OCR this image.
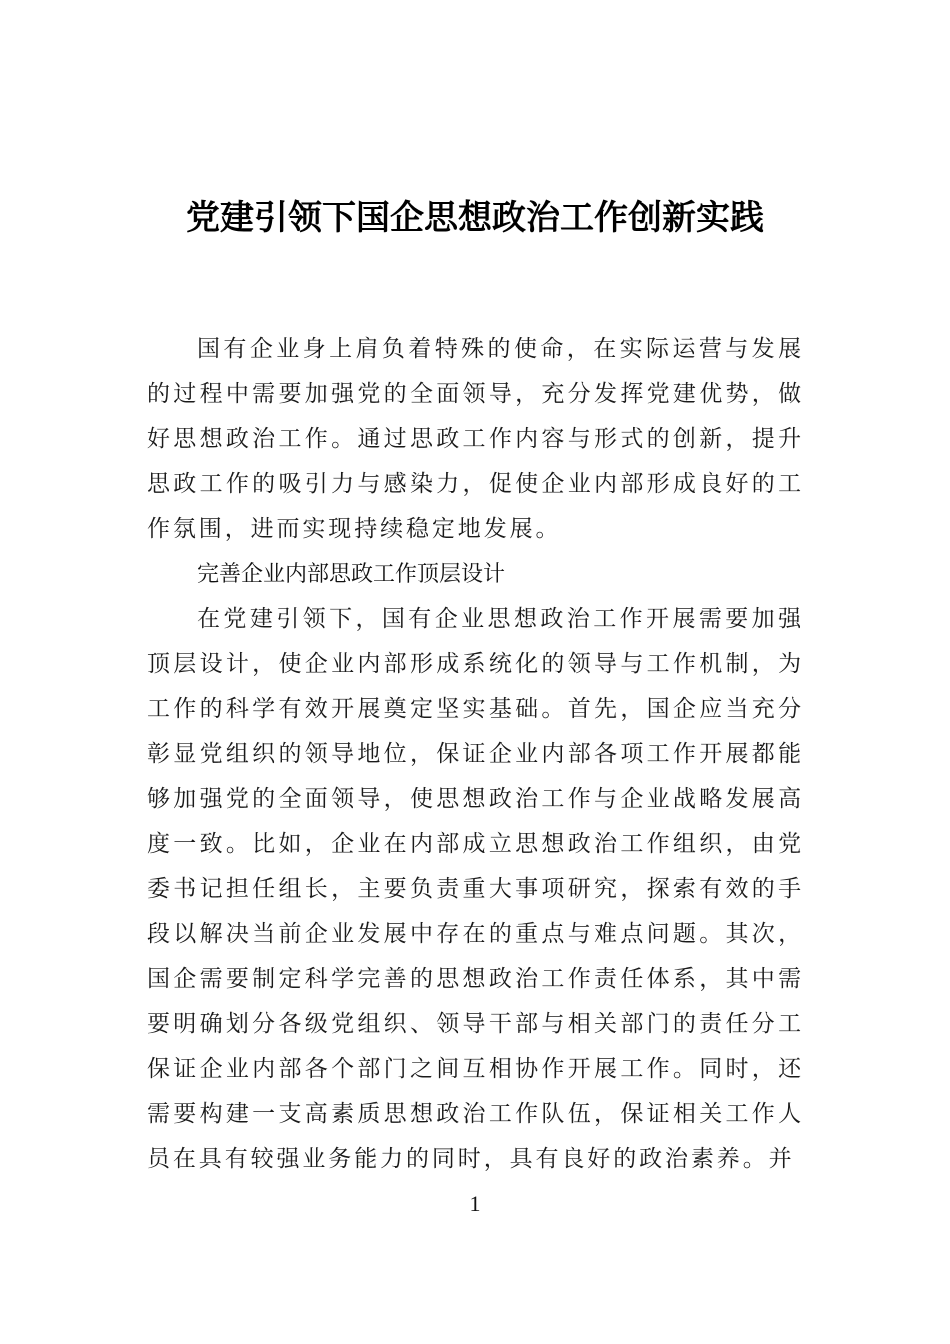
党建引领下国企思想政治工作创新实践

国有企业身上肩负着特殊的使命，在实际运营与发展的过程中需要加强党的全面领导，充分发挥党建优势，做好思想政治工作。通过思政工作内容与形式的创新，提升思政工作的吸引力与感染力，促使企业内部形成良好的工作氛围，进而实现持续稳定地发展。

完善企业内部思政工作顶层设计

在党建引领下，国有企业思想政治工作开展需要加强顶层设计，使企业内部形成系统化的领导与工作机制，为工作的科学有效开展奠定坚实基础。首先，国企应当充分彰显党组织的领导地位，保证企业内部各项工作开展都能够加强党的全面领导，使思想政治工作与企业战略发展高度一致。比如，企业在内部成立思想政治工作组织，由党委书记担任组长，主要负责重大事项研究，探索有效的手段以解决当前企业发展中存在的重点与难点问题。其次，国企需要制定科学完善的思想政治工作责任体系，其中需要明确划分各级党组织、领导干部与相关部门的责任分工保证企业内部各个部门之间互相协作开展工作。同时，还需要构建一支高素质思想政治工作队伍，保证相关工作人员在具有较强业务能力的同时，具有良好的政治素养。并

1
